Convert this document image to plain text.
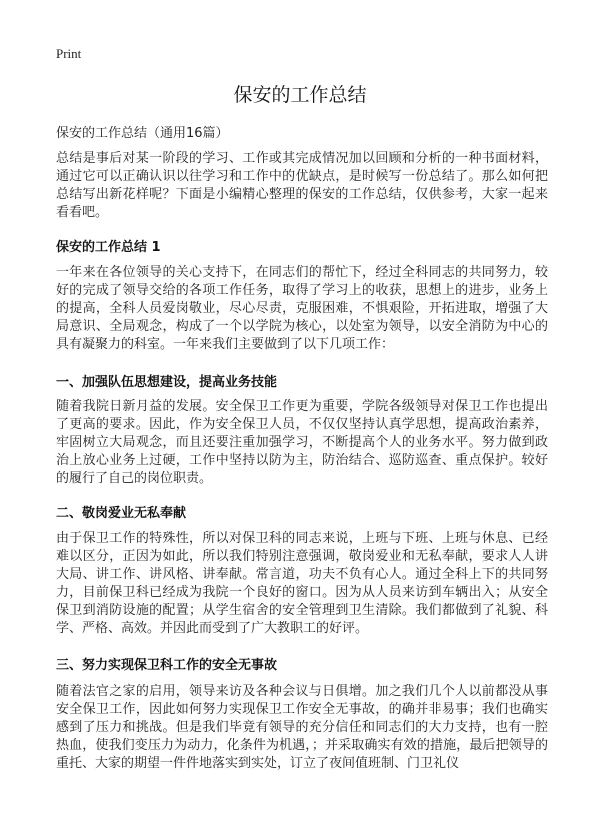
Print
保安的工作总结
保安的工作总结（通用16篇）

总结是事后对某一阶段的学习、工作或其完成情况加以回顾和分析的一种书面材料，通过它可以正确认识以往学习和工作中的优缺点，是时候写一份总结了。那么如何把总结写出新花样呢？下面是小编精心整理的保安的工作总结，仅供参考，大家一起来看看吧。

保安的工作总结 1

一年来在各位领导的关心支持下，在同志们的帮忙下，经过全科同志的共同努力，较好的完成了领导交给的各项工作任务，取得了学习上的收获，思想上的进步，业务上的提高，全科人员爱岗敬业，尽心尽责，克服困难，不惧艰险，开拓进取，增强了大局意识、全局观念，构成了一个以学院为核心，以处室为领导，以安全消防为中心的具有凝聚力的科室。一年来我们主要做到了以下几项工作：

一、加强队伍思想建设，提高业务技能

随着我院日新月益的发展。安全保卫工作更为重要，学院各级领导对保卫工作也提出了更高的要求。因此，作为安全保卫人员，不仅仅坚持认真学思想，提高政治素养，牢固树立大局观念，而且还要注重加强学习，不断提高个人的业务水平。努力做到政治上放心业务上过硬，工作中坚持以防为主，防治结合、巡防巡查、重点保护。较好的履行了自己的岗位职责。

二、敬岗爱业无私奉献

由于保卫工作的特殊性，所以对保卫科的同志来说，上班与下班、上班与休息、已经难以区分，正因为如此，所以我们特别注意强调，敬岗爱业和无私奉献，要求人人讲大局、讲工作、讲风格、讲奉献。常言道，功夫不负有心人。通过全科上下的共同努力，目前保卫科已经成为我院一个良好的窗口。因为从人员来访到车辆出入；从安全保卫到消防设施的配置；从学生宿舍的安全管理到卫生清除。我们都做到了礼貌、科学、严格、高效。并因此而受到了广大教职工的好评。

三、努力实现保卫科工作的安全无事故

随着法官之家的启用，领导来访及各种会议与日俱增。加之我们几个人以前都没从事安全保卫工作，因此如何努力实现保卫工作安全无事故，的确并非易事；我们也确实感到了压力和挑战。但是我们毕竟有领导的充分信任和同志们的大力支持，也有一腔热血，使我们变压力为动力，化条件为机遇，；并采取确实有效的措施，最后把领导的重托、大家的期望一件件地落实到实处，订立了夜间值班制、门卫礼仪
